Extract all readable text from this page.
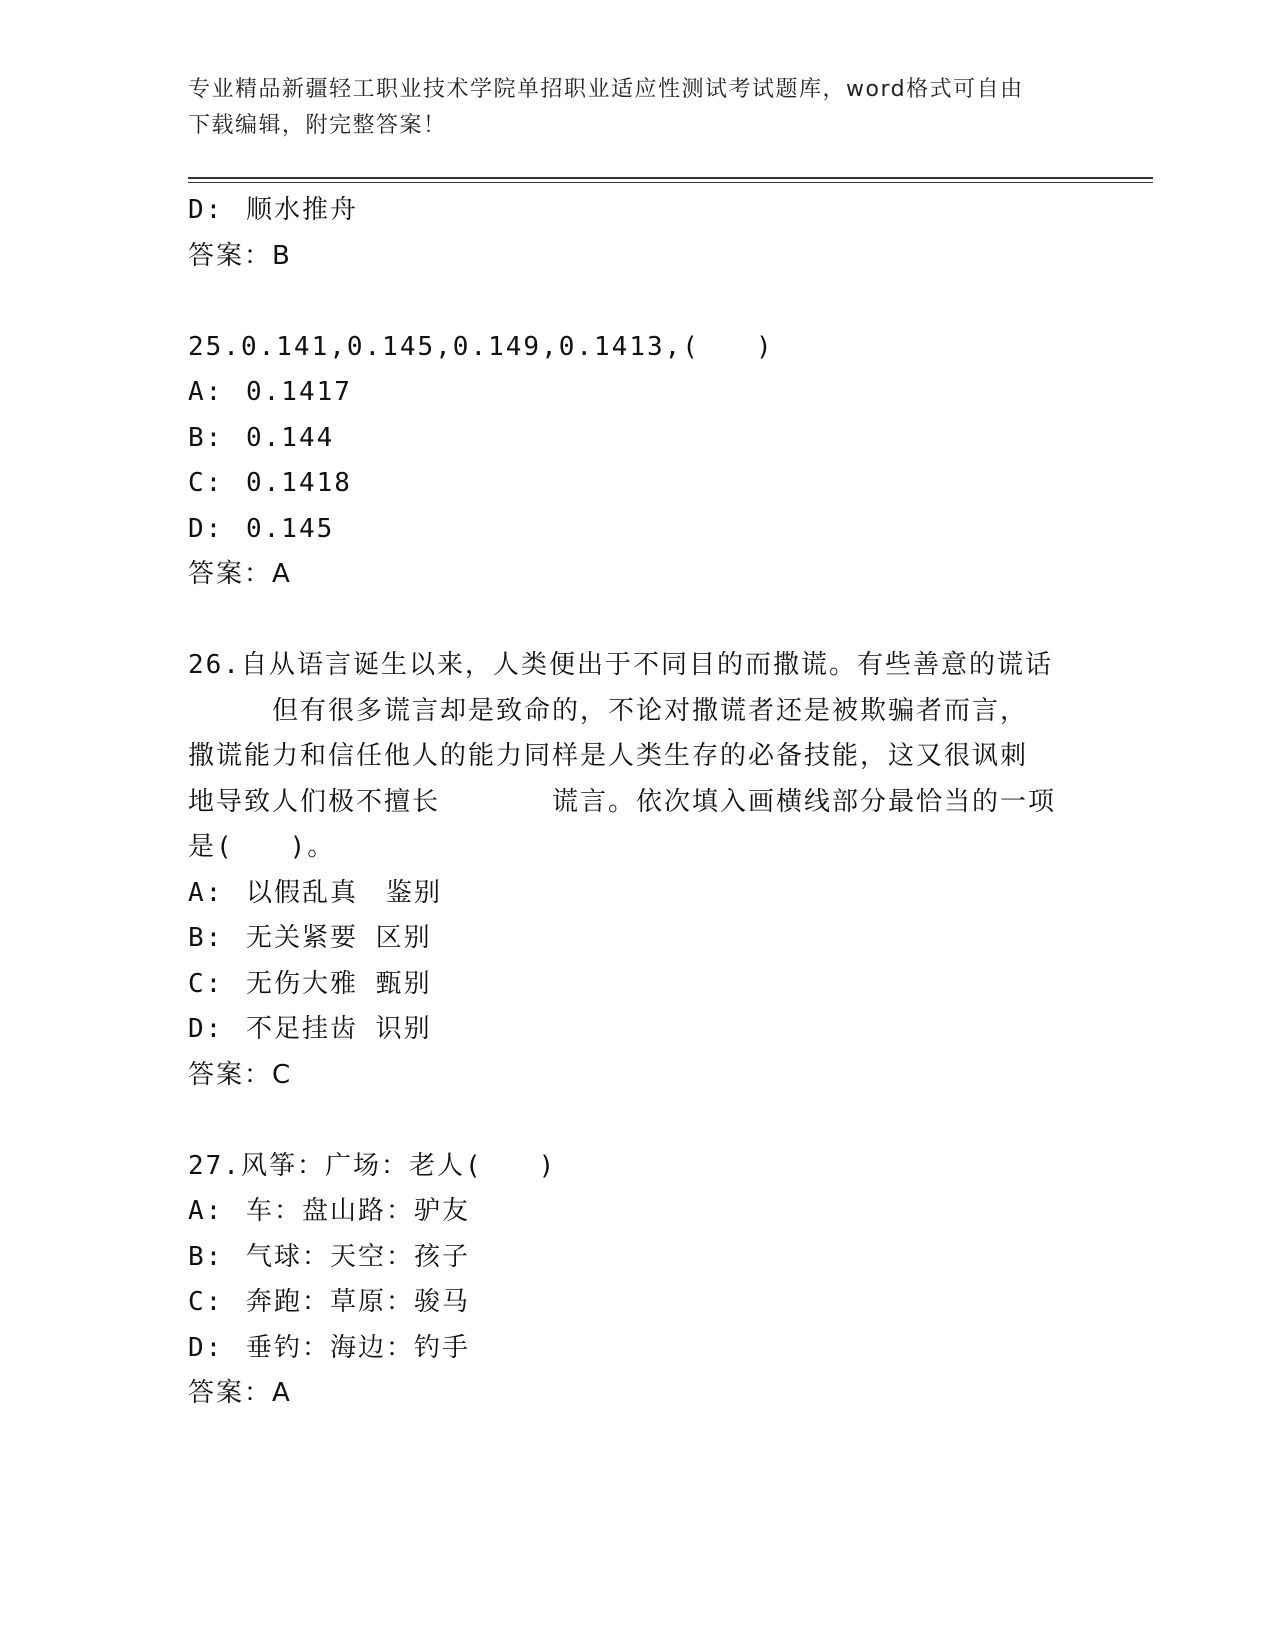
专业精品新疆轻工职业技术学院单招职业适应性测试考试题库，word格式可自由
下载编辑，附完整答案！
D: 顺水推舟
答案：B
25.0.141,0.145,0.149,0.1413,(　　)
A: 0.1417
B: 0.144
C: 0.1418
D: 0.145
答案：A
26.自从语言诞生以来，人类便出于不同目的而撒谎。有些善意的谎话
　　　但有很多谎言却是致命的，不论对撒谎者还是被欺骗者而言，
撒谎能力和信任他人的能力同样是人类生存的必备技能，这又很讽刺
地导致人们极不擅长　　　　谎言。依次填入画横线部分最恰当的一项
是(　　)。
A: 以假乱真　鉴别
B: 无关紧要 区别
C: 无伤大雅 甄别
D: 不足挂齿 识别
答案：C
27.风筝：广场：老人(　　)
A: 车：盘山路：驴友
B: 气球：天空：孩子
C: 奔跑：草原：骏马
D: 垂钓：海边：钓手
答案：A
